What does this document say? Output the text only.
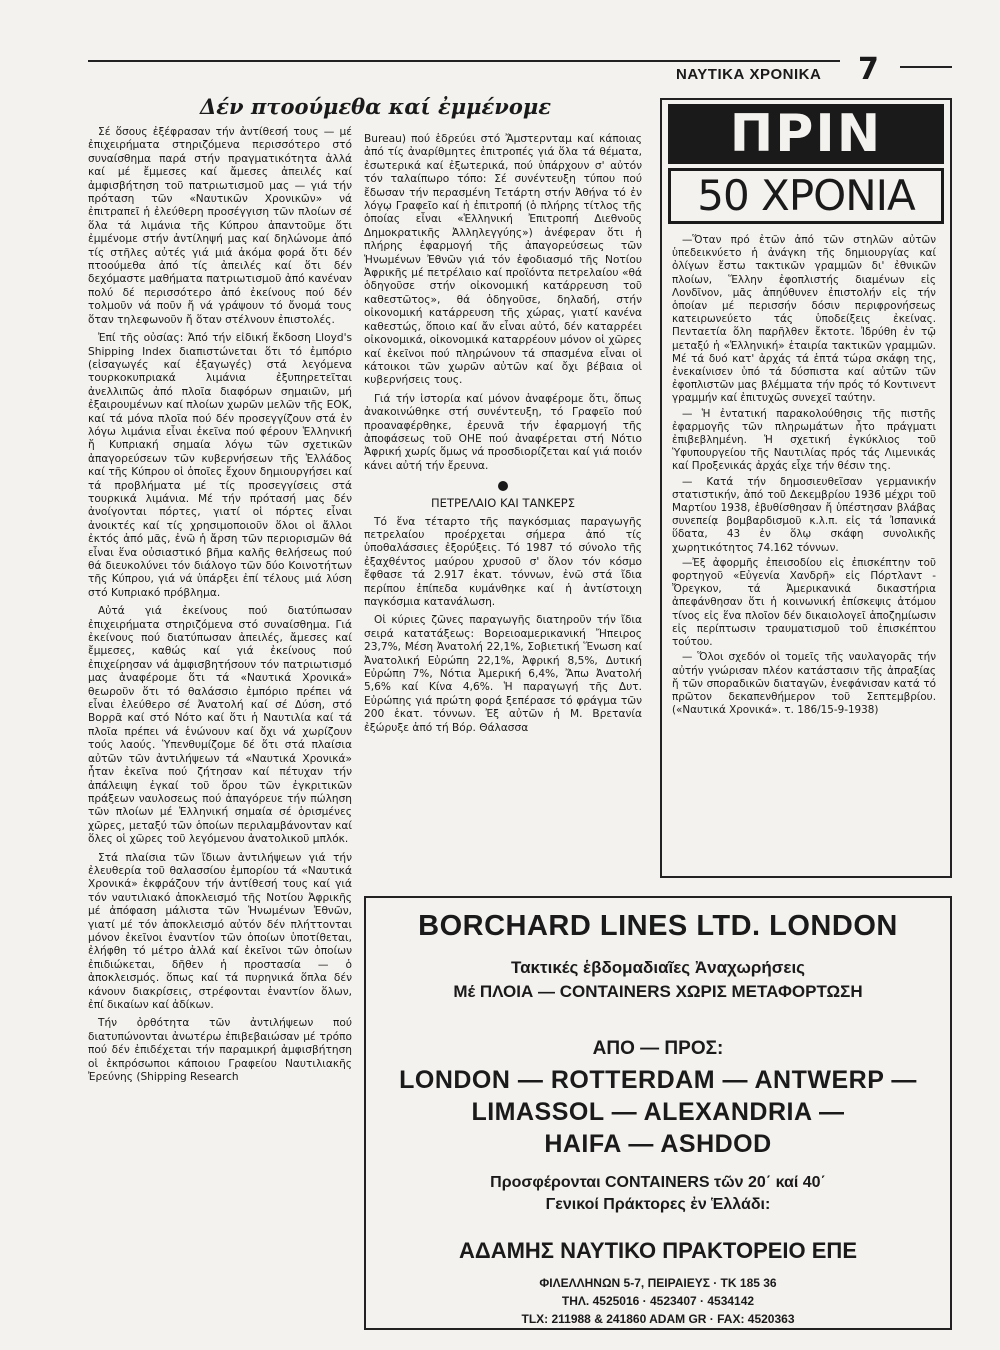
ΝΑΥΤΙΚΑ ΧΡΟΝΙΚΑ 7
Δέν πτοούμεθα καί ἐμμένομε

Σέ ὅσους ἐξέφρασαν τήν ἀντίθεσή τους — μέ ἐπιχειρήματα στηριζόμενα περισσότερο στό συναίσθημα παρά στήν πραγματικότητα ἀλλά καί μέ ἔμμεσες καί ἄμεσες ἀπειλές καί ἀμφισβήτηση τοῦ πατριωτισμοῦ μας — γιά τήν πρόταση τῶν «Ναυτικῶν Χρονικῶν» νά ἐπιτραπεῖ ἡ ἐλεύθερη προσέγγιση τῶν πλοίων σέ ὅλα τά λιμάνια τῆς Κύπρου ἀπαντοῦμε ὅτι ἐμμένομε στήν ἀντίληψή μας καί δηλώνομε ἀπό τίς στῆλες αὐτές γιά μιά ἀκόμα φορά ὅτι δέν πτοούμεθα ἀπό τίς ἀπειλές καί ὅτι δέν δεχόμαστε μαθήματα πατριωτισμοῦ ἀπό κανέναν πολύ δέ περισσότερο ἀπό ἐκείνους πού δέν τολμοῦν νά ποῦν ἤ νά γράψουν τό ὄνομά τους ὅταν τηλεφωνοῦν ἤ ὅταν στέλνουν ἐπιστολές.

Ἐπί τῆς οὐσίας: Ἀπό τήν εἰδική ἔκδοση Lloyd's Shipping Index διαπιστώνεται ὅτι τό ἐμπόριο (εἰσαγωγές καί ἐξαγωγές) στά λεγόμενα τουρκοκυπριακά λιμάνια ἐξυπηρετεῖται ἀνελλιπῶς ἀπό πλοῖα διαφόρων σημαιῶν, μή ἐξαιρουμένων καί πλοίων χωρῶν μελῶν τῆς ΕΟΚ, καί τά μόνα πλοῖα πού δέν προσεγγίζουν στά ἐν λόγω λιμάνια εἶναι ἐκεῖνα πού φέρουν Ἑλληνική ἤ Κυπριακή σημαία λόγω τῶν σχετικῶν ἀπαγορεύσεων τῶν κυβερνήσεων τῆς Ἑλλάδος καί τῆς Κύπρου οἱ ὁποῖες ἔχουν δημιουργήσει καί τά προβλήματα μέ τίς προσεγγίσεις στά τουρκικά λιμάνια. Μέ τήν πρότασή μας δέν ἀνοίγονται πόρτες, γιατί οἱ πόρτες εἶναι ἀνοικτές καί τίς χρησιμοποιοῦν ὅλοι οἱ ἄλλοι ἐκτός ἀπό μᾶς, ἐνῶ ἡ ἄρση τῶν περιορισμῶν θά εἶναι ἕνα οὐσιαστικό βῆμα καλῆς θελήσεως πού θά διευκολύνει τόν διάλογο τῶν δύο Κοινοτήτων τῆς Κύπρου, γιά νά ὑπάρξει ἐπί τέλους μιά λύση στό Κυπριακό πρόβλημα.

Αὐτά γιά ἐκείνους πού διατύπωσαν ἐπιχειρήματα στηριζόμενα στό συναίσθημα. Γιά ἐκείνους πού διατύπωσαν ἀπειλές, ἄμεσες καί ἔμμεσες, καθώς καί γιά ἐκείνους πού ἐπιχείρησαν νά ἀμφισβητήσουν τόν πατριωτισμό μας ἀναφέρομε ὅτι τά «Ναυτικά Χρονικά» θεωροῦν ὅτι τό θαλάσσιο ἐμπόριο πρέπει νά εἶναι ἐλεύθερο σέ Ἀνατολή καί σέ Δύση, στό Βορρᾶ καί στό Νότο καί ὅτι ἡ Ναυτιλία καί τά πλοῖα πρέπει νά ἑνώνουν καί ὄχι νά χωρίζουν τούς λαούς. Ὑπενθυμίζομε δέ ὅτι στά πλαίσια αὐτῶν τῶν ἀντιλήψεων τά «Ναυτικά Χρονικά» ἦταν ἐκεῖνα πού ζήτησαν καί πέτυχαν τήν ἀπάλειψη ἐγκαί τοῦ ὅρου τῶν ἐγκριτικῶν πράξεων ναυλοσεως πού ἀπαγόρευε τήν πώληση τῶν πλοίων μέ Ἑλληνική σημαία σέ ὁρισμένες χῶρες, μεταξύ τῶν ὁποίων περιλαμβάνονταν καί ὅλες οἱ χῶρες τοῦ λεγόμενου ἀνατολικοῦ μπλόκ.

Στά πλαίσια τῶν ἴδιων ἀντιλήψεων γιά τήν ἐλευθερία τοῦ θαλασσίου ἐμπορίου τά «Ναυτικά Χρονικά» ἐκφράζουν τήν ἀντίθεσή τους καί γιά τόν ναυτιλιακό ἀποκλεισμό τῆς Νοτίου Ἀφρικῆς μέ ἀπόφαση μάλιστα τῶν Ἡνωμένων Ἐθνῶν, γιατί μέ τόν ἀποκλεισμό αὐτόν δέν πλήττονται μόνον ἐκεῖνοι ἐναντίον τῶν ὁποίων ὑποτίθεται, ἐλήφθη τό μέτρο ἀλλά καί ἐκεῖνοι τῶν ὁποίων ἐπιδιώκεται, δῆθεν ἡ προστασία — ὁ ἀποκλεισμός. ὅπως καί τά πυρηνικά ὅπλα δέν κάνουν διακρίσεις, στρέφονται ἐναντίον ὅλων, ἐπί δικαίων καί ἀδίκων.

Τήν ὀρθότητα τῶν ἀντιλήψεων πού διατυπώνονται ἀνωτέρω ἐπιβεβαιώσαν μέ τρόπο πού δέν ἐπιδέχεται τήν παραμικρή ἀμφισβήτηση οἱ ἐκπρόσωποι κάποιου Γραφείου Ναυτιλιακῆς Ἐρεύνης (Shipping Research

Bureau) πού ἑδρεύει στό Ἄμστερνταμ καί κάποιας ἀπό τίς ἀναρίθμητες ἐπιτροπές γιά ὅλα τά θέματα, ἐσωτερικά καί ἐξωτερικά, πού ὑπάρχουν σ' αὐτόν τόν ταλαίπωρο τόπο: Σέ συνέντευξη τύπου πού ἔδωσαν τήν περασμένη Τετάρτη στήν Ἀθήνα τό ἐν λόγῳ Γραφεῖο καί ἡ ἐπιτροπή (ὁ πλήρης τίτλος τῆς ὁποίας εἶναι «Ἑλληνική Ἐπιτροπή Διεθνοῦς Δημοκρατικῆς Ἀλληλεγγύης») ἀνέφεραν ὅτι ἡ πλήρης ἐφαρμογή τῆς ἀπαγορεύσεως τῶν Ἡνωμένων Ἐθνῶν γιά τόν ἐφοδιασμό τῆς Νοτίου Ἀφρικῆς μέ πετρέλαιο καί προϊόντα πετρελαίου «θά ὁδηγοῦσε στήν οἰκονομική κατάρρευση τοῦ καθεστῶτος», θά ὁδηγοῦσε, δηλαδή, στήν οἰκονομική κατάρρευση τῆς χώρας, γιατί κανένα καθεστώς, ὅποιο καί ἄν εἶναι αὐτό, δέν καταρρέει οἰκονομικά, οἰκονομικά καταρρέουν μόνον οἱ χῶρες καί ἐκεῖνοι πού πληρώνουν τά σπασμένα εἶναι οἱ κάτοικοι τῶν χωρῶν αὐτῶν καί ὄχι βέβαια οἱ κυβερνήσεις τους.

Γιά τήν ἱστορία καί μόνον ἀναφέρομε ὅτι, ὅπως ἀνακοινώθηκε στή συνέντευξη, τό Γραφεῖο πού προαναφέρθηκε, ἐρευνᾶ τήν ἐφαρμογή τῆς ἀποφάσεως τοῦ ΟΗΕ πού ἀναφέρεται στή Νότιο Ἀφρική χωρίς ὅμως νά προσδιορίζεται καί γιά ποιόν κάνει αὐτή τήν ἔρευνα.

ΠΕΤΡΕΛΑΙΟ ΚΑΙ ΤΑΝΚΕΡΣ

Τό ἕνα τέταρτο τῆς παγκόσμιας παραγωγῆς πετρελαίου προέρχεται σήμερα ἀπό τίς ὑποθαλάσσιες ἐξορύξεις. Τό 1987 τό σύνολο τῆς ἐξαχθέντος μαύρου χρυσοῦ σ' ὅλον τόν κόσμο ἔφθασε τά 2.917 ἑκατ. τόννων, ἐνῶ στά ἴδια περίπου ἐπίπεδα κυμάνθηκε καί ἡ ἀντίστοιχη παγκόσμια κατανάλωση.

Οἱ κύριες ζῶνες παραγωγῆς διατηροῦν τήν ἴδια σειρά κατατάξεως: Βορειοαμερικανική Ἤπειρος 23,7%, Μέση Ἀνατολή 22,1%, Σοβιετική Ἕνωση καί Ἀνατολική Εὐρώπη 22,1%, Ἀφρική 8,5%, Δυτική Εὐρώπη 7%, Νότια Ἀμερική 6,4%, Ἄπω Ἀνατολή 5,6% καί Κίνα 4,6%. Ἡ παραγωγή τῆς Δυτ. Εὐρώπης γιά πρώτη φορά ξεπέρασε τό φράγμα τῶν 200 ἑκατ. τόννων. Ἐξ αὐτῶν ἡ Μ. Βρετανία ἐξώρυξε ἀπό τή Βόρ. Θάλασσα

ΠΡΙΝ
50 ΧΡΟΝΙΑ

—Ὅταν πρό ἐτῶν ἀπό τῶν στηλῶν αὐτῶν ὑπεδεικνύετο ἡ ἀνάγκη τῆς δημιουργίας καί ὀλίγων ἔστω τακτικῶν γραμμῶν δι' ἐθνικῶν πλοίων, Ἕλλην ἐφοπλιστής διαμένων εἰς Λονδῖνον, μᾶς ἀπηύθυνεν ἐπιστολήν εἰς τήν ὁποίαν μέ περισσήν δόσιν περιφρονήσεως κατειρωνεύετο τάς ὑποδείξεις ἐκείνας. Πενταετία ὅλη παρῆλθεν ἔκτοτε. Ἰδρύθη ἐν τῷ μεταξύ ἡ «Ἑλληνική» ἑταιρία τακτικῶν γραμμῶν. Μέ τά δυό κατ' ἀρχάς τά ἑπτά τώρα σκάφη της, ἐνεκαίνισεν ὑπό τά δύσπιστα καί αὐτῶν τῶν ἐφοπλιστῶν μας βλέμματα τήν πρός τό Κοντινεντ γραμμήν καί ἐπιτυχῶς συνεχεῖ ταύτην.

— Ἡ ἐντατική παρακολούθησις τῆς πιστῆς ἐφαρμογῆς τῶν πληρωμάτων ἦτο πράγματι ἐπιβεβλημένη. Ἡ σχετική ἐγκύκλιος τοῦ Ὑφυπουργείου τῆς Ναυτιλίας πρός τάς Λιμενικάς καί Προξενικάς ἀρχάς εἶχε τήν θέσιν της.

— Κατά τήν δημοσιευθεῖσαν γερμανικήν στατιστικήν, ἀπό τοῦ Δεκεμβρίου 1936 μέχρι τοῦ Μαρτίου 1938, ἐβυθίσθησαν ἤ ὑπέστησαν βλάβας συνεπείᾳ βομβαρδισμοῦ κ.λ.π. εἰς τά Ἰσπανικά ὕδατα, 43 ἐν ὅλῳ σκάφη συνολικῆς χωρητικότητος 74.162 τόννων.

—Ἐξ ἀφορμῆς ἐπεισοδίου εἰς ἐπισκέπτην τοῦ φορτηγοῦ «Εὐγενία Χανδρῆ» εἰς Πόρτλαντ - Ὄρεγκον, τά Ἀμερικανικά δικαστήρια ἀπεφάνθησαν ὅτι ἡ κοινωνική ἐπίσκεψις ἀτόμου τίνος εἰς ἕνα πλοῖον δέν δικαιολογεῖ ἀποζημίωσιν εἰς περίπτωσιν τραυματισμοῦ τοῦ ἐπισκέπτου τούτου.

— Ὅλοι σχεδόν οἱ τομεῖς τῆς ναυλαγορᾶς τήν αὐτήν γνώρισαν πλέον κατάστασιν τῆς ἀπραξίας ἤ τῶν σποραδικῶν διαταγῶν, ἐνεφάνισαν κατά τό πρῶτον δεκαπενθήμερον τοῦ Σεπτεμβρίου. («Ναυτικά Χρονικά». τ. 186/15-9-1938)

BORCHARD LINES LTD. LONDON
Τακτικές ἑβδομαδιαῖες Ἀναχωρήσεις
Μέ ΠΛΟΙΑ — CONTAINERS ΧΩΡΙΣ ΜΕΤΑΦΟΡΤΩΣΗ
ΑΠΟ — ΠΡΟΣ:
LONDON — ROTTERDAM — ANTWERP —
LIMASSOL — ALEXANDRIA —
HAIFA — ASHDOD
Προσφέρονται CONTAINERS τῶν 20΄ καί 40΄
Γενικοί Πράκτορες ἐν Ἑλλάδι:
ΑΔΑΜΗΣ ΝΑΥΤΙΚΟ ΠΡΑΚΤΟΡΕΙΟ ΕΠΕ
ΦΙΛΕΛΛΗΝΩΝ 5-7, ΠΕΙΡΑΙΕΥΣ · ΤΚ 185 36
ΤΗΛ. 4525016 · 4523407 · 4534142
TLX: 211988 & 241860 ADAM GR · FAX: 4520363
